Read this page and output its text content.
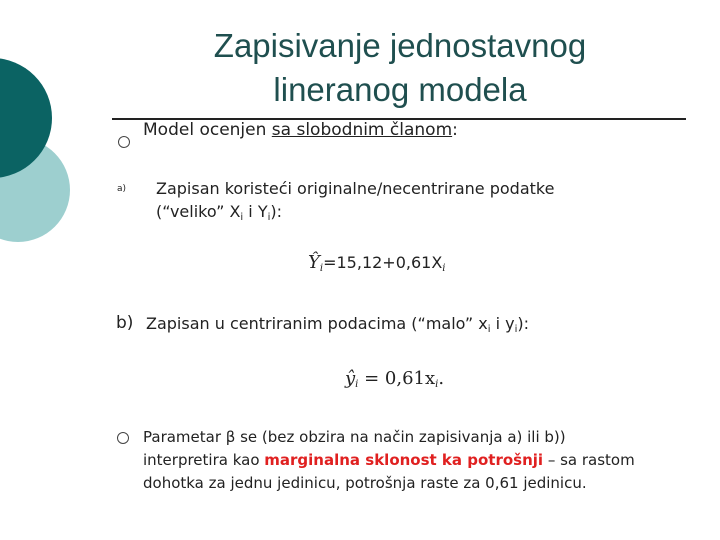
Zapisivanje jednostavnog
lineranog modela
Model ocenjen sa slobodnim članom:
a) Zapisan koristeći originalne/necentrirane podatke
(“veliko” $X_i$ i $Y_i$):
$Ŷ_i=15,12+0,61X_i$
b) Zapisan u centriranim podacima (“malo” $x_i$ i $y_i$):
$ŷ_i = 0,61x_i$.
Parametar β se (bez obzira na način zapisivanja a) ili b))
interpretira kao marginalna sklonost ka potrošnji – sa rastom
dohotka za jednu jedinicu, potrošnja raste za 0,61 jedinicu.
